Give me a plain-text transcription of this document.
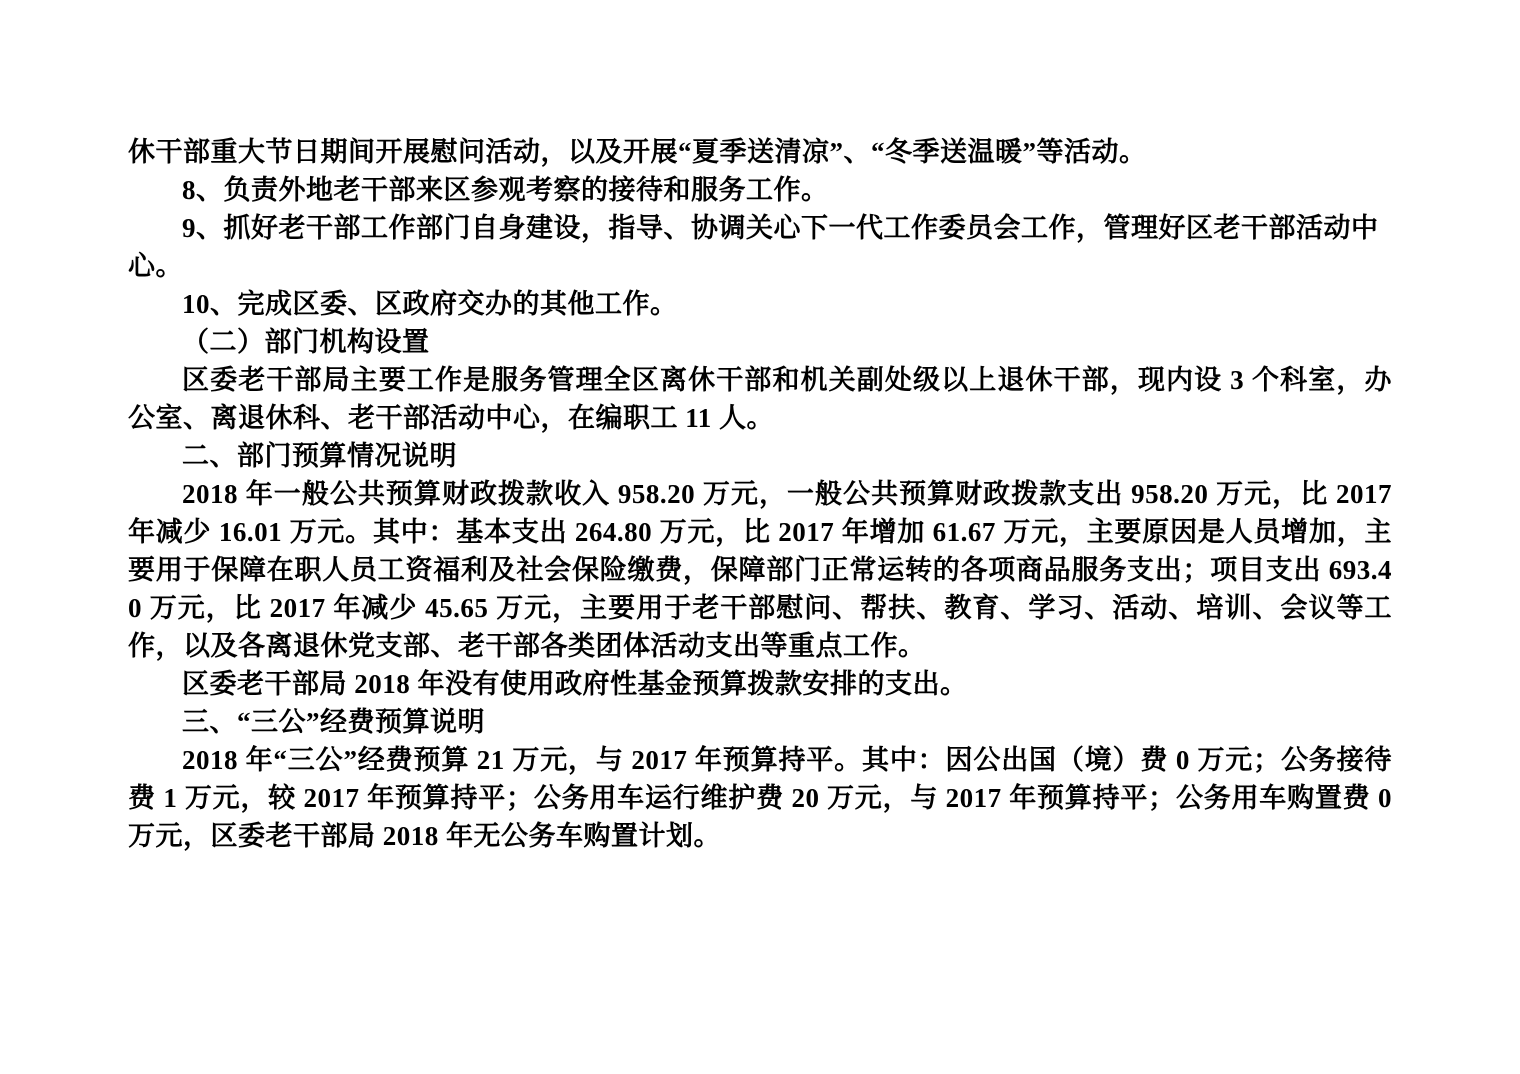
休干部重大节日期间开展慰问活动，以及开展“夏季送清凉”、“冬季送温暖”等活动。

8、负责外地老干部来区参观考察的接待和服务工作。

9、抓好老干部工作部门自身建设，指导、协调关心下一代工作委员会工作，管理好区老干部活动中心。

10、完成区委、区政府交办的其他工作。

（二）部门机构设置

区委老干部局主要工作是服务管理全区离休干部和机关副处级以上退休干部，现内设 3 个科室，办公室、离退休科、老干部活动中心，在编职工 11 人。

二、部门预算情况说明

2018 年一般公共预算财政拨款收入 958.20 万元，一般公共预算财政拨款支出 958.20 万元，比 2017 年减少 16.01 万元。其中：基本支出 264.80 万元，比 2017 年增加 61.67 万元，主要原因是人员增加，主要用于保障在职人员工资福利及社会保险缴费，保障部门正常运转的各项商品服务支出；项目支出 693.40 万元，比 2017 年减少 45.65 万元，主要用于老干部慰问、帮扶、教育、学习、活动、培训、会议等工作，以及各离退休党支部、老干部各类团体活动支出等重点工作。

区委老干部局 2018 年没有使用政府性基金预算拨款安排的支出。

三、“三公”经费预算说明

2018 年“三公”经费预算 21 万元，与 2017 年预算持平。其中：因公出国（境）费 0 万元；公务接待费 1 万元，较 2017 年预算持平；公务用车运行维护费 20 万元，与 2017 年预算持平；公务用车购置费 0 万元，区委老干部局 2018 年无公务车购置计划。
